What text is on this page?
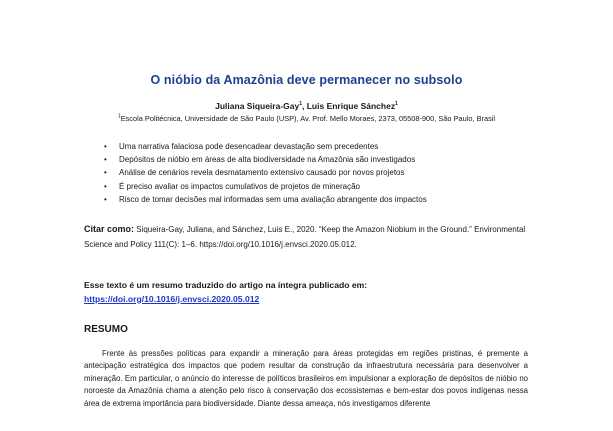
O nióbio da Amazônia deve permanecer no subsolo
Juliana Siqueira-Gay$^1$, Luis Enrique Sánchez$^1$
$^1$Escola Politécnica, Universidade de São Paulo (USP), Av. Prof. Mello Moraes, 2373, 05508-900, São Paulo, Brasil
• Uma narrativa falaciosa pode desencadear devastação sem precedentes
• Depósitos de nióbio em áreas de alta biodiversidade na Amazônia são investigados
• Análise de cenários revela desmatamento extensivo causado por novos projetos
• É preciso avaliar os impactos cumulativos de projetos de mineração
• Risco de tomar decisões mal informadas sem uma avaliação abrangente dos impactos
Citar como: Siqueira-Gay, Juliana, and Sánchez, Luis E., 2020. “Keep the Amazon Niobium in the Ground.” Environmental Science and Policy 111(C): 1–6. https://doi.org/10.1016/j.envsci.2020.05.012.
Esse texto é um resumo traduzido do artigo na íntegra publicado em:
https://doi.org/10.1016/j.envsci.2020.05.012
RESUMO

Frente às pressões políticas para expandir a mineração para áreas protegidas em regiões pristinas, é premente a antecipação estratégica dos impactos que podem resultar da construção da infraestrutura necessária para desenvolver a mineração. Em particular, o anúncio do interesse de políticos brasileiros em impulsionar a exploração de depósitos de nióbio no noroeste da Amazônia chama a atenção pelo risco à conservação dos ecossistemas e bem-estar dos povos indígenas nessa área de extrema importância para biodiversidade. Diante dessa ameaça, nós investigamos diferente
